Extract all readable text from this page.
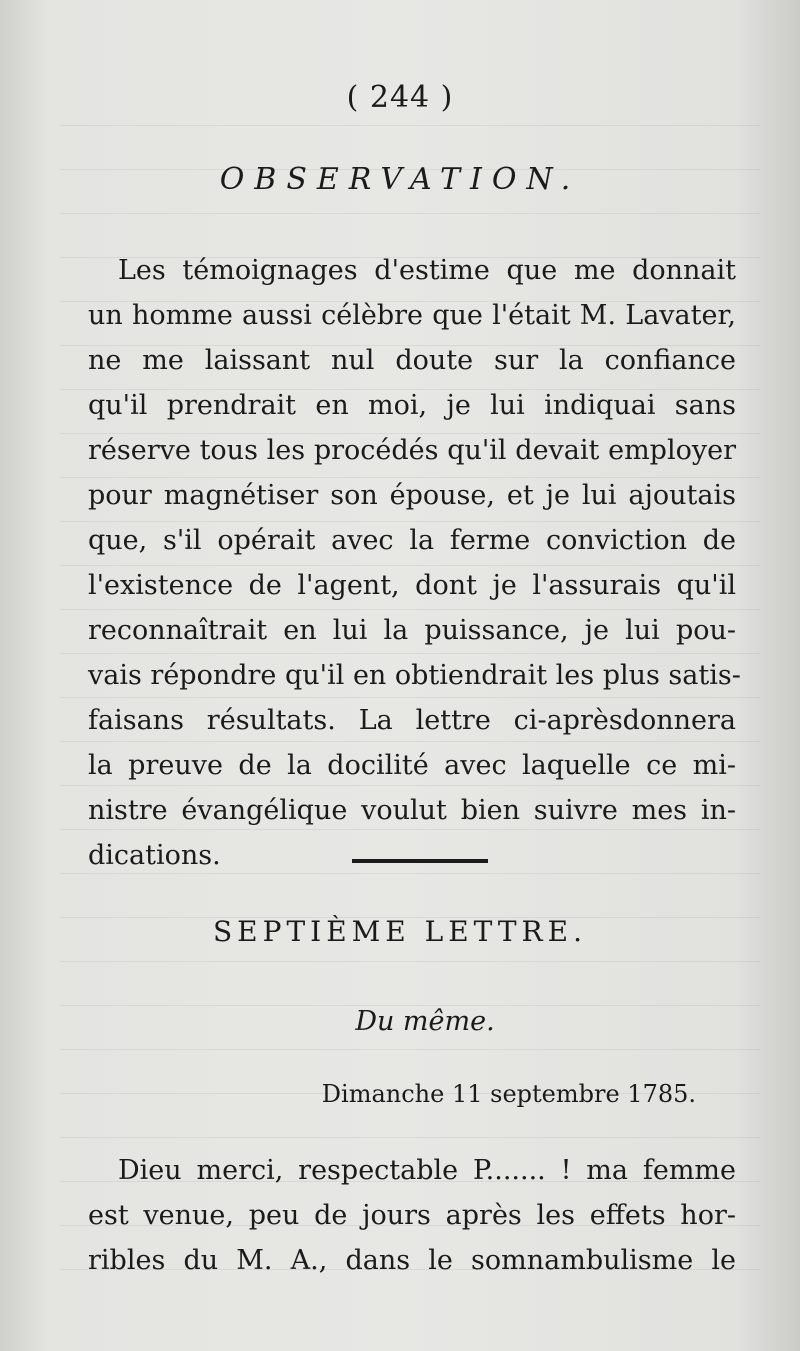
( 244 )
OBSERVATION.
Les témoignages d'estime que me donnait
un homme aussi célèbre que l'était M. Lavater,
ne me laissant nul doute sur la confiance
qu'il prendrait en moi, je lui indiquai sans
réserve tous les procédés qu'il devait employer
pour magnétiser son épouse, et je lui ajoutais
que, s'il opérait avec la ferme conviction de
l'existence de l'agent, dont je l'assurais qu'il
reconnaîtrait en lui la puissance, je lui pou-
vais répondre qu'il en obtiendrait les plus satis-
faisans résultats. La lettre ci-aprèsdonnera
la preuve de la docilité avec laquelle ce mi-
nistre évangélique voulut bien suivre mes in-
dications.
SEPTIÈME LETTRE.
Du même.
Dimanche 11 septembre 1785.
Dieu merci, respectable P....... ! ma femme
est venue, peu de jours après les effets hor-
ribles du M. A., dans le somnambulisme le
